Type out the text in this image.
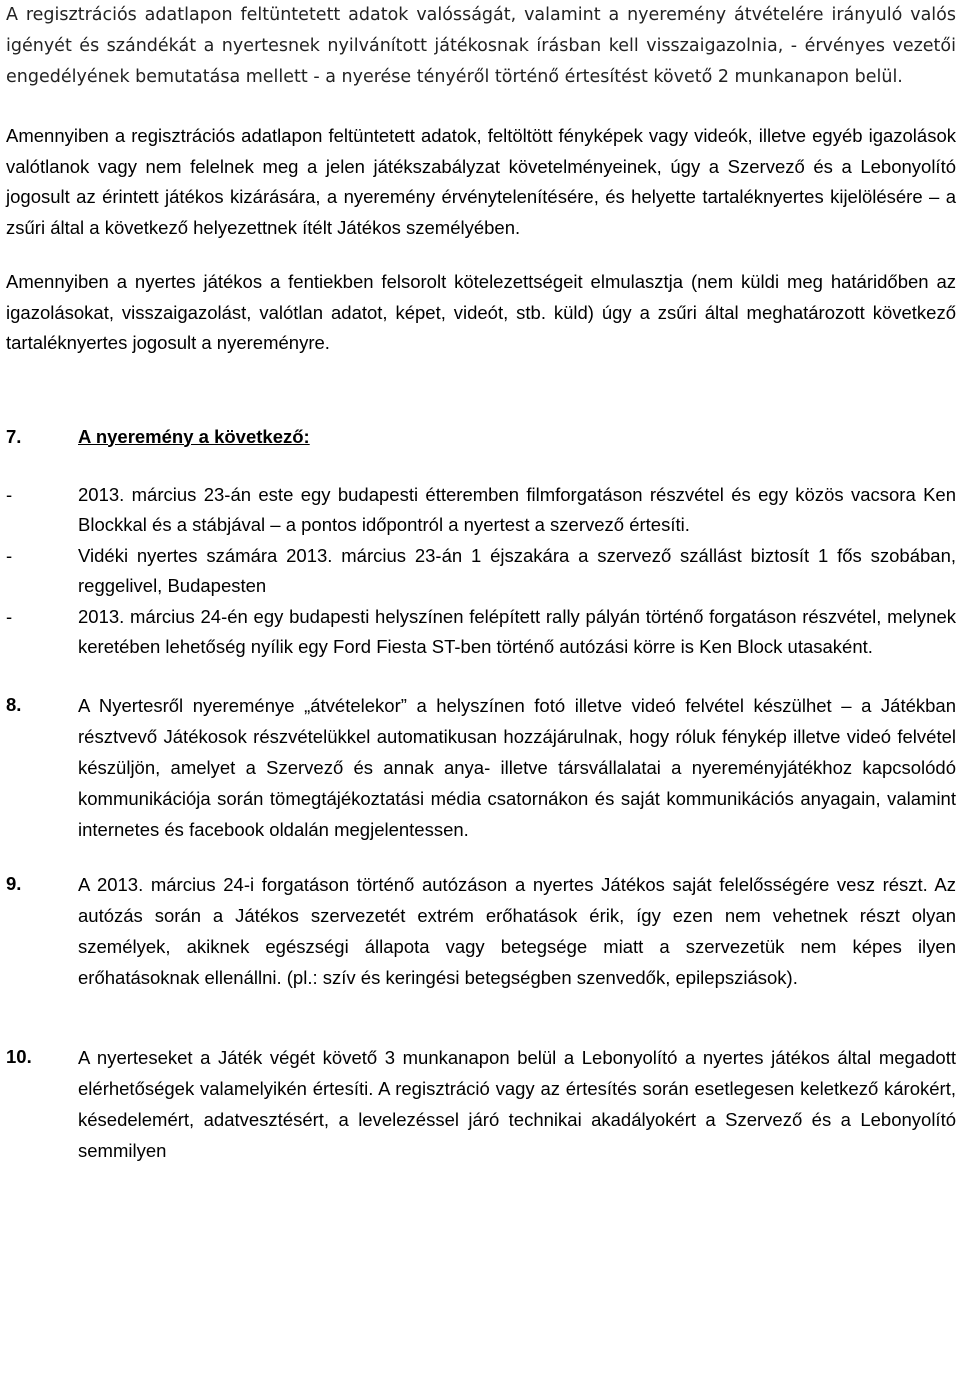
A regisztrációs adatlapon feltüntetett adatok valósságát, valamint a nyeremény átvételére irányuló valós igényét és szándékát a nyertesnek nyilvánított játékosnak írásban kell visszaigazolnia, - érvényes vezetői engedélyének bemutatása mellett - a nyerése tényéről történő értesítést követő 2 munkanapon belül.

Amennyiben a regisztrációs adatlapon feltüntetett adatok, feltöltött fényképek vagy videók, illetve egyéb igazolások valótlanok vagy nem felelnek meg a jelen játékszabályzat követelményeinek, úgy a Szervező és a Lebonyolító jogosult az érintett játékos kizárására, a nyeremény érvénytelenítésére, és helyette tartaléknyertes kijelölésére – a zsűri által a következő helyezettnek ítélt Játékos személyében.

Amennyiben a nyertes játékos a fentiekben felsorolt kötelezettségeit elmulasztja (nem küldi meg határidőben az igazolásokat, visszaigazolást, valótlan adatot, képet, videót, stb. küld) úgy a zsűri által meghatározott következő tartaléknyertes jogosult a nyereményre.

7.	A nyeremény a következő:
-	2013. március 23-án este egy budapesti étteremben filmforgatáson részvétel és egy közös vacsora Ken Blockkal és a stábjával – a pontos időpontról a nyertest a szervező értesíti.

-	Vidéki nyertes számára 2013. március 23-án 1 éjszakára a szervező szállást biztosít 1 fős szobában, reggelivel, Budapesten

-	2013. március 24-én egy budapesti helyszínen felépített rally pályán történő forgatáson részvétel, melynek keretében lehetőség nyílik egy Ford Fiesta ST-ben történő autózási körre is Ken Block utasaként.

8.	A Nyertesről nyereménye „átvételekor” a helyszínen fotó illetve videó felvétel készülhet – a Játékban résztvevő Játékosok részvételükkel automatikusan hozzájárulnak, hogy róluk fénykép illetve videó felvétel készüljön, amelyet a Szervező és annak anya- illetve társvállalatai a nyereményjátékhoz kapcsolódó kommunikációja során tömegtájékoztatási média csatornákon és saját kommunikációs anyagain, valamint internetes és facebook oldalán megjelentessen.

9.	A 2013. március 24-i forgatáson történő autózáson a nyertes Játékos saját felelősségére vesz részt. Az autózás során a Játékos szervezetét extrém erőhatások érik, így ezen nem vehetnek részt olyan személyek, akiknek egészségi állapota vagy betegsége miatt a szervezetük nem képes ilyen erőhatásoknak ellenállni. (pl.: szív és keringési betegségben szenvedők, epilepsziások).

10.	A nyerteseket a Játék végét követő 3 munkanapon belül a Lebonyolító a nyertes játékos által megadott elérhetőségek valamelyikén értesíti. A regisztráció vagy az értesítés során esetlegesen keletkező károkért, késedelemért, adatvesztésért, a levelezéssel járó technikai akadályokért a Szervező és a Lebonyolító semmilyen
